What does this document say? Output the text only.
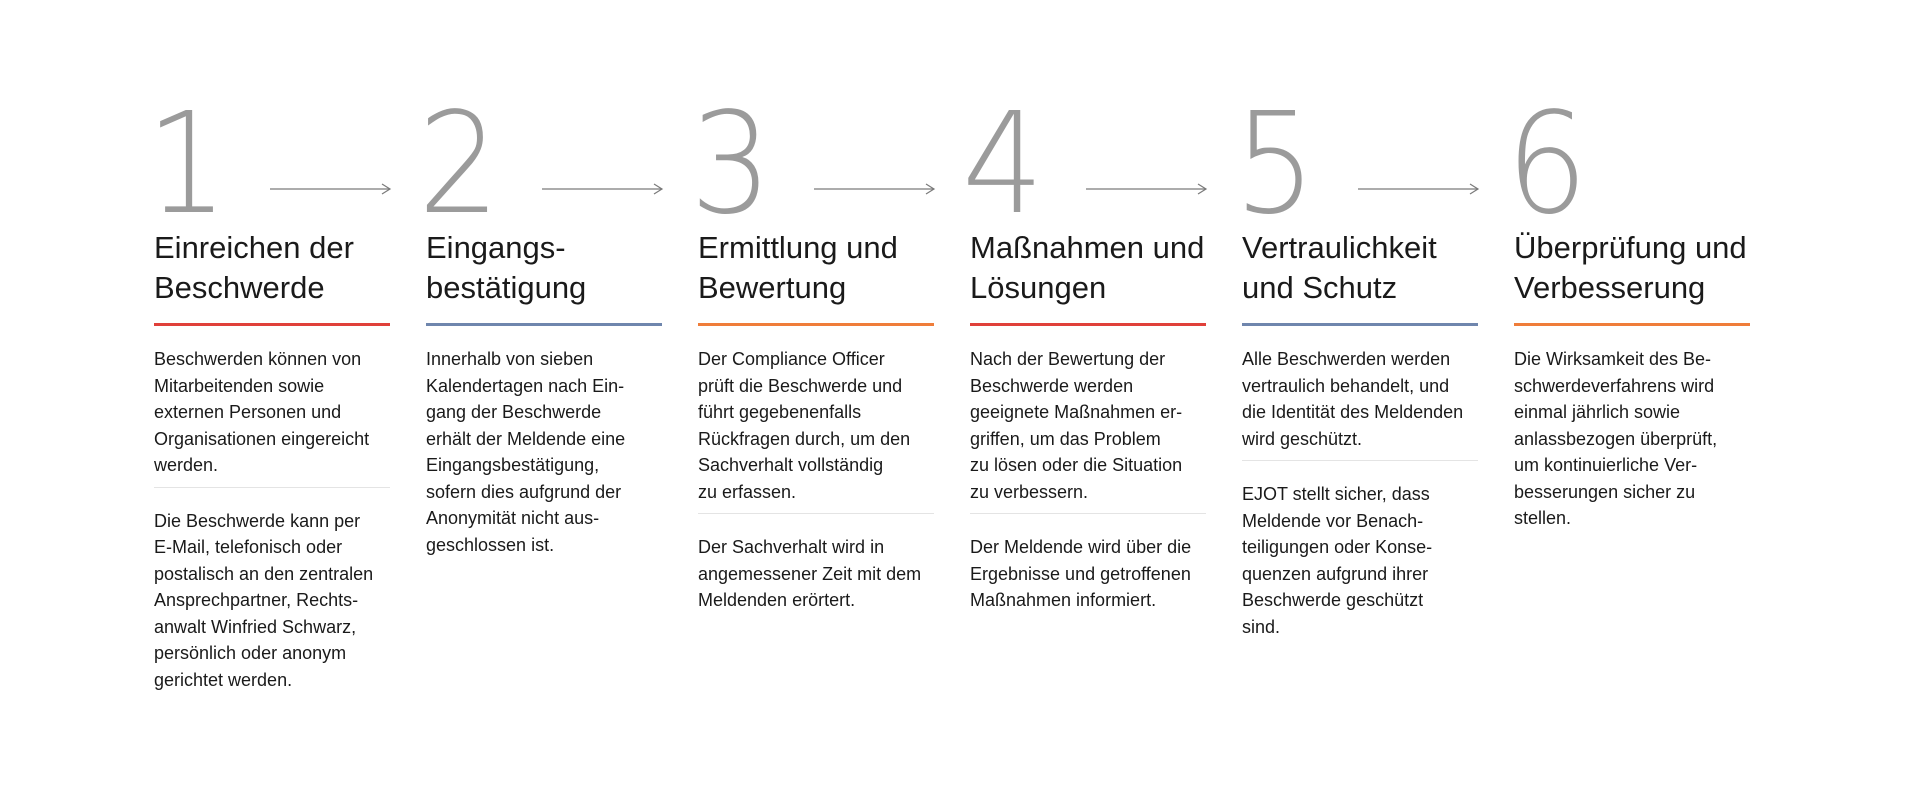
1
Einreichen der
Beschwerde

Beschwerden können von
Mitarbeitenden sowie
externen Personen und
Organisationen eingereicht
werden.

Die Beschwerde kann per
E-Mail, telefonisch oder
postalisch an den zentralen
Ansprechpartner, Rechts-
anwalt Winfried Schwarz,
persönlich oder anonym
gerichtet werden.

2
Eingangs-
bestätigung

Innerhalb von sieben
Kalendertagen nach Ein-
gang der Beschwerde
erhält der Meldende eine
Eingangsbestätigung,
sofern dies aufgrund der
Anonymität nicht aus-
geschlossen ist.

3
Ermittlung und
Bewertung

Der Compliance Officer
prüft die Beschwerde und
führt gegebenenfalls
Rückfragen durch, um den
Sachverhalt vollständig
zu erfassen.

Der Sachverhalt wird in
angemessener Zeit mit dem
Meldenden erörtert.

4
Maßnahmen und
Lösungen

Nach der Bewertung der
Beschwerde werden
geeignete Maßnahmen er-
griffen, um das Problem
zu lösen oder die Situation
zu verbessern.

Der Meldende wird über die
Ergebnisse und getroffenen
Maßnahmen informiert.

5
Vertraulichkeit
und Schutz

Alle Beschwerden werden
vertraulich behandelt, und
die Identität des Meldenden
wird geschützt.

EJOT stellt sicher, dass
Meldende vor Benach-
teiligungen oder Konse-
quenzen aufgrund ihrer
Beschwerde geschützt
sind.

6
Überprüfung und
Verbesserung

Die Wirksamkeit des Be-
schwerdeverfahrens wird
einmal jährlich sowie
anlassbezogen überprüft,
um kontinuierliche Ver-
besserungen sicher zu
stellen.
